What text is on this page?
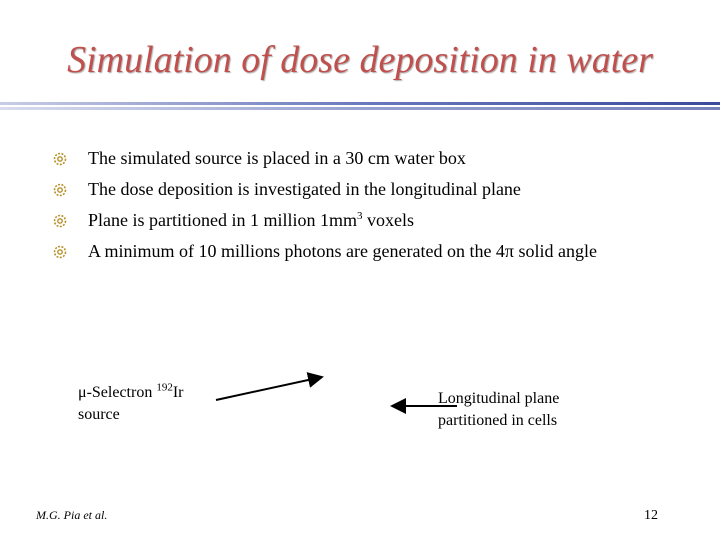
Simulation of dose deposition in water
The simulated source is placed in a 30 cm water box
The dose deposition is investigated in the longitudinal plane
Plane is partitioned in 1 million $1mm^3$ voxels
A minimum of 10 millions photons are generated on the 4π solid angle
μ-Selectron $^{192}$Ir
source
Longitudinal plane
partitioned in cells
M.G. Pia et al.	12
